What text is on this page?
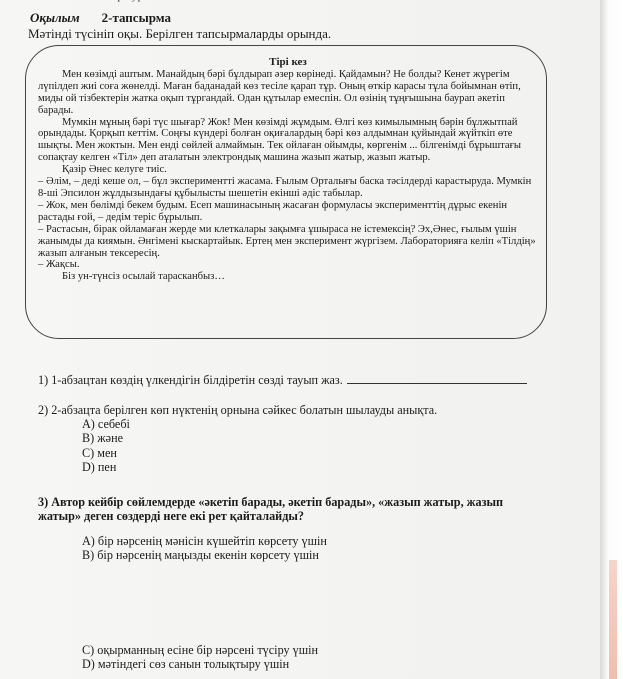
Оқылым 2-тапсырма
Мәтінді түсініп оқы. Берілген тапсырмаларды орында.
Тірі кез

Мен көзімді аштым. Манайдың бәрі бұлдырап әзер көрінеді. Қайдамын? Не болды? Кенет жүрегім лүпілдеп жиі соға жөнелді. Маған баданадай көз тесіле қарап тұр. Оның өткір карасы тұла бойымнан өтіп, миды ой тізбектерін жатка оқып тұргандай. Одан құтылар емеспін. Ол өзінің тұңғышына баурап әкетіп барады.

Мумкін мұның бәрі түс шығар? Жок! Мен көзімді жұмдым. Өлгі көз кимылымның бәрін бұлжытпай орындады. Қорқып кеттім. Соңғы күндері болған оқиғалардың бәрі көз алдымнан қуйындай жүйткіп өте шықты. Мен жоктын. Мен енді сөйлей алмаймын. Тек ойлаған ойымды, көргенім ... білгенімді бұрыштағы сопақтау келген «Тіл» деп аталатын электрондық машина жазып жатыр, жазып жатыр.

Қазір Әнес келуге тиіс.

– Әлім, – деді кеше ол, – бұл эксперименттi жасама. Ғылым Орталығы баска тәсілдерді карастыруда. Мумкін 8-ші Эпсилон жұлдызындағы құбылысты шешетін екінші әдіс табылар.

– Жок, мен бөлімді бекем будым. Есеп машинасының жасаған формуласы эксперименттің дұрыс екенін растады ғой, – дедім теріс бұрылып.

– Растасын, бірак ойламаған жерде ми клеткалары зақымға ұшыраса не істемексің? Эх,Әнес, ғылым үшін жанымды да киямын. Әнгімені кыскартайык. Ертең мен эксперимент жүргізем. Лабораторияға келіп «Тілдің» жазып алғанын тексересің.

– Жақсы.

Біз ун-түнсіз осылай тарасканбыз…

1) 1-абзацтан көздің үлкендігін білдіретін сөзді тауып жаз.
2) 2-абзацта берілген көп нүктенің орнына сәйкес болатын шылауды анықта.
А) себебі
В) және
С) мен
D) пен
3) Автор кейбір сөйлемдерде «әкетіп барады, әкетіп барады», «жазып жатыр, жазып жатыр» деген сөздерді неге екі рет қайталайды?
А) бір нәрсенің мәнісін күшейтіп көрсету үшін
В) бір нәрсенің маңызды екенін көрсету үшін
С) оқырманның есіне бір нәрсені түсіру үшін
D) мәтіндегі сөз санын толықтыру үшін
